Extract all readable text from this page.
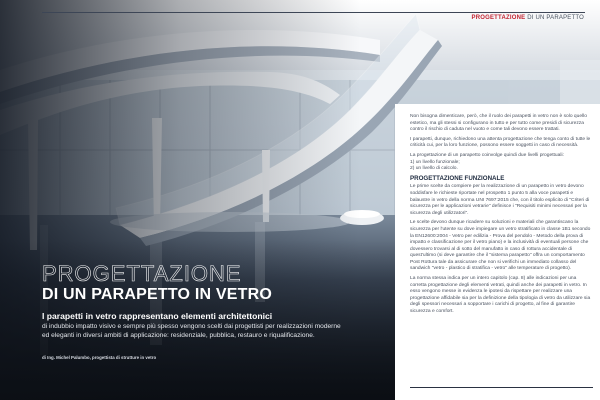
PROGETTAZIONE DI UN PARAPETTO
PROGETTAZIONE
DI UN PARAPETTO IN VETRO
I parapetti in vetro rappresentano elementi architettonici
di indubbio impatto visivo e sempre più spesso vengono scelti dai progettisti per realizzazioni moderne ed eleganti in diversi ambiti di applicazione: residenziale, pubblica, restauro e riqualificazione.
di Ing. Michel Palumbo, progettista di strutture in vetro

Non bisogna dimenticare, però, che il ruolo dei parapetti in vetro non è solo quello estetico, ma gli stessi si configurano in tutto e per tutto come presidi di sicurezza contro il rischio di caduta nel vuoto e come tali devono essere trattati.

I parapetti, dunque, richiedono una attenta progettazione che tenga conto di tutte le criticità cui, per la loro funzione, possono essere soggetti in caso di necessità.

La progettazione di un parapetto coinvolge quindi due livelli progettuali:

1) un livello funzionale;

2) un livello di calcolo.

PROGETTAZIONE FUNZIONALE

Le prime scelte da compiere per la realizzazione di un parapetto in vetro devono soddisfare le richieste riportate nel prospetto 1 punto 5 alla voce parapetti e balaustre in vetro della norma UNI 7697:2015 che, con il titolo esplicito di "Criteri di sicurezza per le applicazioni vetrarie" definisce i "Requisiti minimi necessari per la sicurezza degli utilizzatori".

Le scelte devono dunque ricadere su soluzioni e materiali che garantiscano la sicurezza per l'utente su dove impiegare un vetro stratificato in classe 1B1 secondo la EN12600:2004 - Vetro per edilizia - Prova del pendolo - Metodo della prova di impatto e classificazione per il vetro piano) e la inclusività di eventuali persone che dovessero trovarsi al di sotto del manufatto in caso di rottura accidentale di quest'ultimo (si deve garantire che il "sistema parapetto" offra un comportamento Post Rottura tale da assicurare che non si verifichi un immediato collasso del sandwich "vetro - plastico di stratifica - vetro" alle temperature di progetto).

La norma stessa indica per un intero capitolo (cap. 8) alle indicazioni per una corretta progettazione degli elementi vetrati, quindi anche dei parapetti in vetro. In esso vengono messe in evidenza le ipotesi da rispettare per realizzare una progettazione affidabile sia per la definizione della tipologia di vetro da utilizzare sia degli spessori necessari a sopportare i carichi di progetto, al fine di garantire sicurezza e comfort.
